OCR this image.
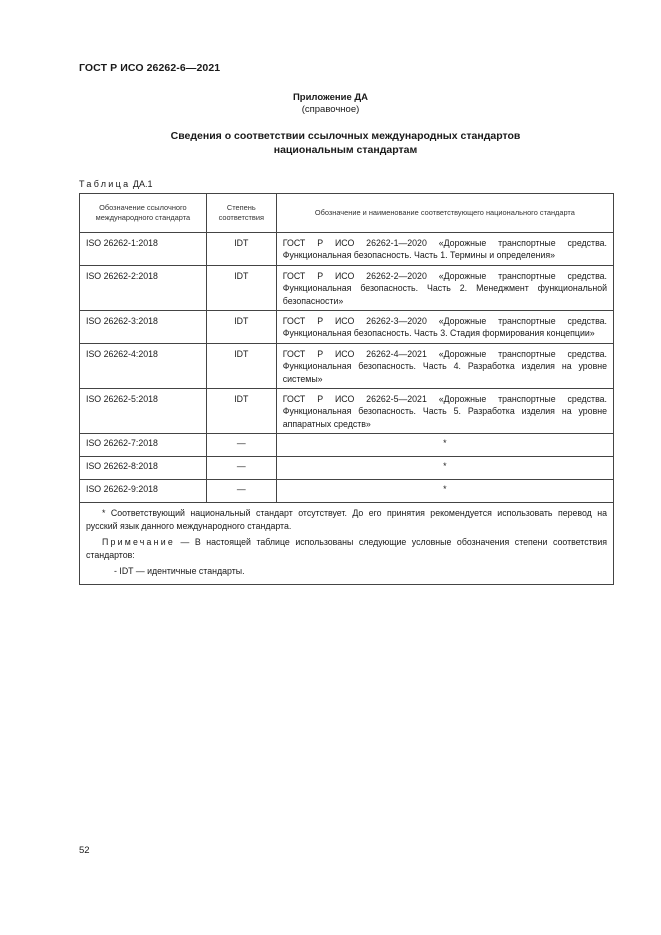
ГОСТ Р ИСО 26262-6—2021
Приложение ДА
(справочное)
Сведения о соответствии ссылочных международных стандартов
национальным стандартам
Таблица ДА.1
Обозначение ссылочного международного стандарта	Степень соответствия	Обозначение и наименование соответствующего национального стандарта
ISO 26262-1:2018	IDT	ГОСТ Р ИСО 26262-1—2020 «Дорожные транспортные средства. Функциональная безопасность. Часть 1. Термины и определения»
ISO 26262-2:2018	IDT	ГОСТ Р ИСО 26262-2—2020 «Дорожные транспортные средства. Функциональная безопасность. Часть 2. Менеджмент функциональной безопасности»
ISO 26262-3:2018	IDT	ГОСТ Р ИСО 26262-3—2020 «Дорожные транспортные средства. Функциональная безопасность. Часть 3. Стадия формирования концепции»
ISO 26262-4:2018	IDT	ГОСТ Р ИСО 26262-4—2021 «Дорожные транспортные средства. Функциональная безопасность. Часть 4. Разработка изделия на уровне системы»
ISO 26262-5:2018	IDT	ГОСТ Р ИСО 26262-5—2021 «Дорожные транспортные средства. Функциональная безопасность. Часть 5. Разработка изделия на уровне аппаратных средств»
ISO 26262-7:2018	—	*
ISO 26262-8:2018	—	*
ISO 26262-9:2018	—	*

* Соответствующий национальный стандарт отсутствует. До его принятия рекомендуется использовать перевод на русский язык данного международного стандарта.

Примечание — В настоящей таблице использованы следующие условные обозначения степени соответствия стандартов:

- IDT — идентичные стандарты.		

52
